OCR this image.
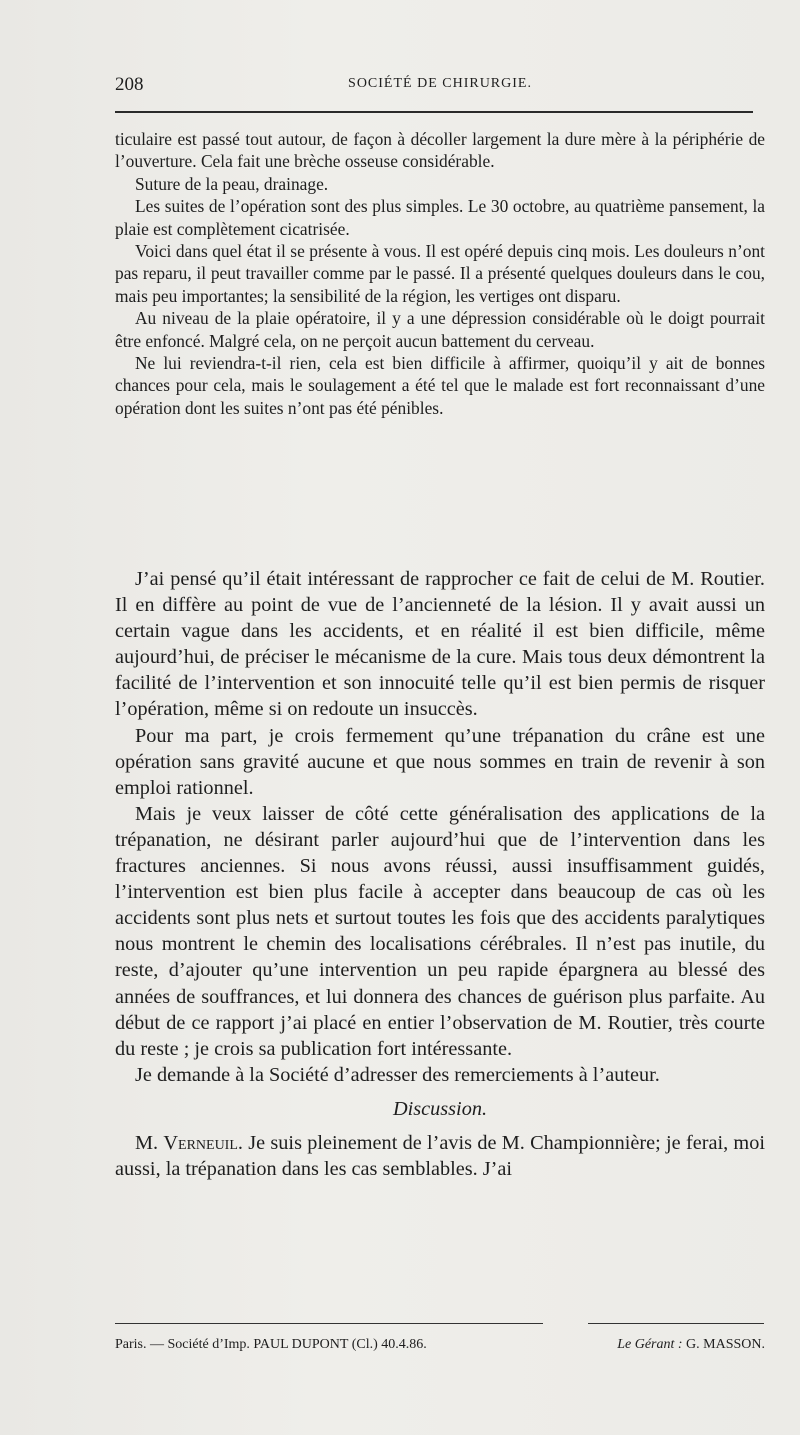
208	SOCIÉTÉ DE CHIRURGIE.

ticulaire est passé tout autour, de façon à décoller largement la dure mère à la périphérie de l’ouverture. Cela fait une brèche osseuse considérable.

Suture de la peau, drainage.

Les suites de l’opération sont des plus simples. Le 30 octobre, au quatrième pansement, la plaie est complètement cicatrisée.

Voici dans quel état il se présente à vous. Il est opéré depuis cinq mois. Les douleurs n’ont pas reparu, il peut travailler comme par le passé. Il a présenté quelques douleurs dans le cou, mais peu importantes; la sensibilité de la région, les vertiges ont disparu.

Au niveau de la plaie opératoire, il y a une dépression considérable où le doigt pourrait être enfoncé. Malgré cela, on ne perçoit aucun battement du cerveau.

Ne lui reviendra-t-il rien, cela est bien difficile à affirmer, quoiqu’il y ait de bonnes chances pour cela, mais le soulagement a été tel que le malade est fort reconnaissant d’une opération dont les suites n’ont pas été pénibles.

J’ai pensé qu’il était intéressant de rapprocher ce fait de celui de M. Routier. Il en diffère au point de vue de l’ancienneté de la lésion. Il y avait aussi un certain vague dans les accidents, et en réalité il est bien difficile, même aujourd’hui, de préciser le mécanisme de la cure. Mais tous deux démontrent la facilité de l’intervention et son innocuité telle qu’il est bien permis de risquer l’opération, même si on redoute un insuccès.

Pour ma part, je crois fermement qu’une trépanation du crâne est une opération sans gravité aucune et que nous sommes en train de revenir à son emploi rationnel.

Mais je veux laisser de côté cette généralisation des applications de la trépanation, ne désirant parler aujourd’hui que de l’intervention dans les fractures anciennes. Si nous avons réussi, aussi insuffisamment guidés, l’intervention est bien plus facile à accepter dans beaucoup de cas où les accidents sont plus nets et surtout toutes les fois que des accidents paralytiques nous montrent le chemin des localisations cérébrales. Il n’est pas inutile, du reste, d’ajouter qu’une intervention un peu rapide épargnera au blessé des années de souffrances, et lui donnera des chances de guérison plus parfaite. Au début de ce rapport j’ai placé en entier l’observation de M. Routier, très courte du reste ; je crois sa publication fort intéressante.

Je demande à la Société d’adresser des remerciements à l’auteur.

Discussion.

M. Verneuil. Je suis pleinement de l’avis de M. Championnière; je ferai, moi aussi, la trépanation dans les cas semblables. J’ai

Paris. — Société d’Imp. PAUL DUPONT (Cl.) 40.4.86.	Le Gérant : G. MASSON.
